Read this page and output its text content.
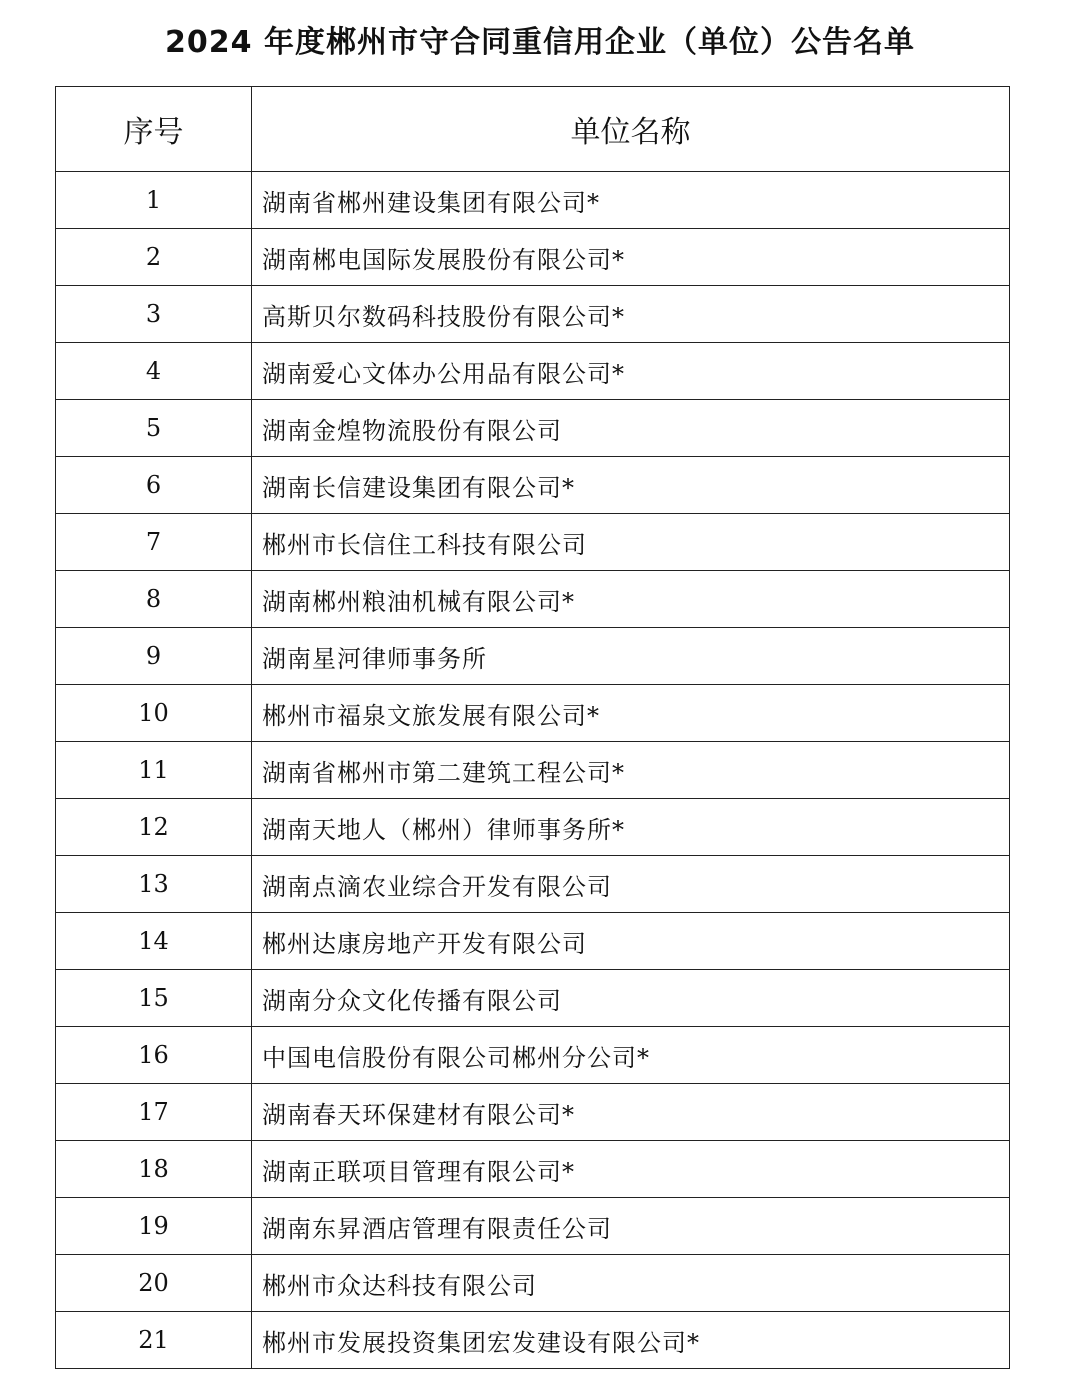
2024 年度郴州市守合同重信用企业（单位）公告名单
序号	单位名称
1	湖南省郴州建设集团有限公司*
2	湖南郴电国际发展股份有限公司*
3	高斯贝尔数码科技股份有限公司*
4	湖南爱心文体办公用品有限公司*
5	湖南金煌物流股份有限公司
6	湖南长信建设集团有限公司*
7	郴州市长信住工科技有限公司
8	湖南郴州粮油机械有限公司*
9	湖南星河律师事务所
10	郴州市福泉文旅发展有限公司*
11	湖南省郴州市第二建筑工程公司*
12	湖南天地人（郴州）律师事务所*
13	湖南点滴农业综合开发有限公司
14	郴州达康房地产开发有限公司
15	湖南分众文化传播有限公司
16	中国电信股份有限公司郴州分公司*
17	湖南春天环保建材有限公司*
18	湖南正联项目管理有限公司*
19	湖南东昇酒店管理有限责任公司
20	郴州市众达科技有限公司
21	郴州市发展投资集团宏发建设有限公司*
